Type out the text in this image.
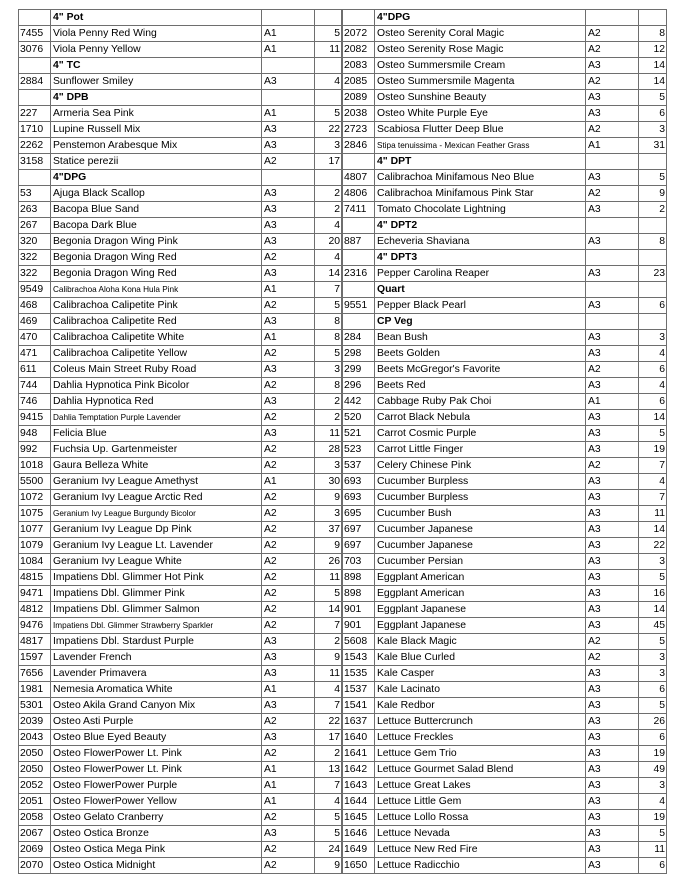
	4" Pot		
7455	Viola Penny Red Wing	A1	5
3076	Viola Penny Yellow	A1	11
	4" TC		
2884	Sunflower Smiley	A3	4
	4" DPB		
227	Armeria Sea Pink	A1	5
1710	Lupine Russell Mix	A3	22
2262	Penstemon Arabesque Mix	A3	3
3158	Statice perezii	A2	17
	4"DPG		
53	Ajuga Black Scallop	A3	2
263	Bacopa Blue Sand	A3	2
267	Bacopa Dark Blue	A3	4
320	Begonia Dragon Wing Pink	A3	20
322	Begonia Dragon Wing Red	A2	4
322	Begonia Dragon Wing Red	A3	14
9549	Calibrachoa Aloha Kona Hula Pink	A1	7
468	Calibrachoa Calipetite Pink	A2	5
469	Calibrachoa Calipetite Red	A3	8
470	Calibrachoa Calipetite White	A1	8
471	Calibrachoa Calipetite Yellow	A2	5
611	Coleus Main Street Ruby Road	A3	3
744	Dahlia Hypnotica Pink Bicolor	A2	8
746	Dahlia Hypnotica Red	A3	2
9415	Dahlia Temptation Purple Lavender	A2	2
948	Felicia Blue	A3	11
992	Fuchsia Up. Gartenmeister	A2	28
1018	Gaura Belleza White	A2	3
5500	Geranium Ivy League Amethyst	A1	30
1072	Geranium Ivy League Arctic Red	A2	9
1075	Geranium Ivy League Burgundy Bicolor	A2	3
1077	Geranium Ivy League Dp Pink	A2	37
1079	Geranium Ivy League Lt. Lavender	A2	9
1084	Geranium Ivy League White	A2	26
4815	Impatiens Dbl. Glimmer Hot Pink	A2	11
9471	Impatiens Dbl. Glimmer Pink	A2	5
4812	Impatiens Dbl. Glimmer Salmon	A2	14
9476	Impatiens Dbl. Glimmer Strawberry Sparkler	A2	7
4817	Impatiens Dbl. Stardust Purple	A3	2
1597	Lavender French	A3	9
7656	Lavender Primavera	A3	11
1981	Nemesia Aromatica White	A1	4
5301	Osteo Akila Grand Canyon Mix	A3	7
2039	Osteo Asti Purple	A2	22
2043	Osteo Blue Eyed Beauty	A3	17
2050	Osteo FlowerPower Lt. Pink	A2	2
2050	Osteo FlowerPower Lt. Pink	A1	13
2052	Osteo FlowerPower Purple	A1	7
2051	Osteo FlowerPower Yellow	A1	4
2058	Osteo Gelato Cranberry	A2	5
2067	Osteo Ostica Bronze	A3	5
2069	Osteo Ostica Mega Pink	A2	24
2070	Osteo Ostica Midnight	A2	9
	4"DPG		
2072	Osteo Serenity Coral Magic	A2	8
2082	Osteo Serenity Rose Magic	A2	12
2083	Osteo Summersmile Cream	A3	14
2085	Osteo Summersmile Magenta	A2	14
2089	Osteo Sunshine Beauty	A3	5
2038	Osteo White Purple Eye	A3	6
2723	Scabiosa Flutter Deep Blue	A2	3
2846	Stipa tenuissima - Mexican Feather Grass	A1	31
	4" DPT		
4807	Calibrachoa Minifamous Neo Blue	A3	5
4806	Calibrachoa Minifamous Pink Star	A2	9
7411	Tomato Chocolate Lightning	A3	2
	4" DPT2		
887	Echeveria Shaviana	A3	8
	4" DPT3		
2316	Pepper Carolina Reaper	A3	23
	Quart		
9551	Pepper Black Pearl	A3	6
	CP Veg		
284	Bean Bush	A3	3
298	Beets Golden	A3	4
299	Beets McGregor's Favorite	A2	6
296	Beets Red	A3	4
442	Cabbage Ruby Pak Choi	A1	6
520	Carrot Black Nebula	A3	14
521	Carrot Cosmic Purple	A3	5
523	Carrot Little Finger	A3	19
537	Celery Chinese Pink	A2	7
693	Cucumber Burpless	A3	4
693	Cucumber Burpless	A3	7
695	Cucumber Bush	A3	11
697	Cucumber Japanese	A3	14
697	Cucumber Japanese	A3	22
703	Cucumber Persian	A3	3
898	Eggplant American	A3	5
898	Eggplant American	A3	16
901	Eggplant Japanese	A3	14
901	Eggplant Japanese	A3	45
5608	Kale Black Magic	A2	5
1543	Kale Blue Curled	A2	3
1535	Kale Casper	A3	3
1537	Kale Lacinato	A3	6
1541	Kale Redbor	A3	5
1637	Lettuce Buttercrunch	A3	26
1640	Lettuce Freckles	A3	6
1641	Lettuce Gem Trio	A3	19
1642	Lettuce Gourmet Salad Blend	A3	49
1643	Lettuce Great Lakes	A3	3
1644	Lettuce Little Gem	A3	4
1645	Lettuce Lollo Rossa	A3	19
1646	Lettuce Nevada	A3	5
1649	Lettuce New Red Fire	A3	11
1650	Lettuce Radicchio	A3	6
